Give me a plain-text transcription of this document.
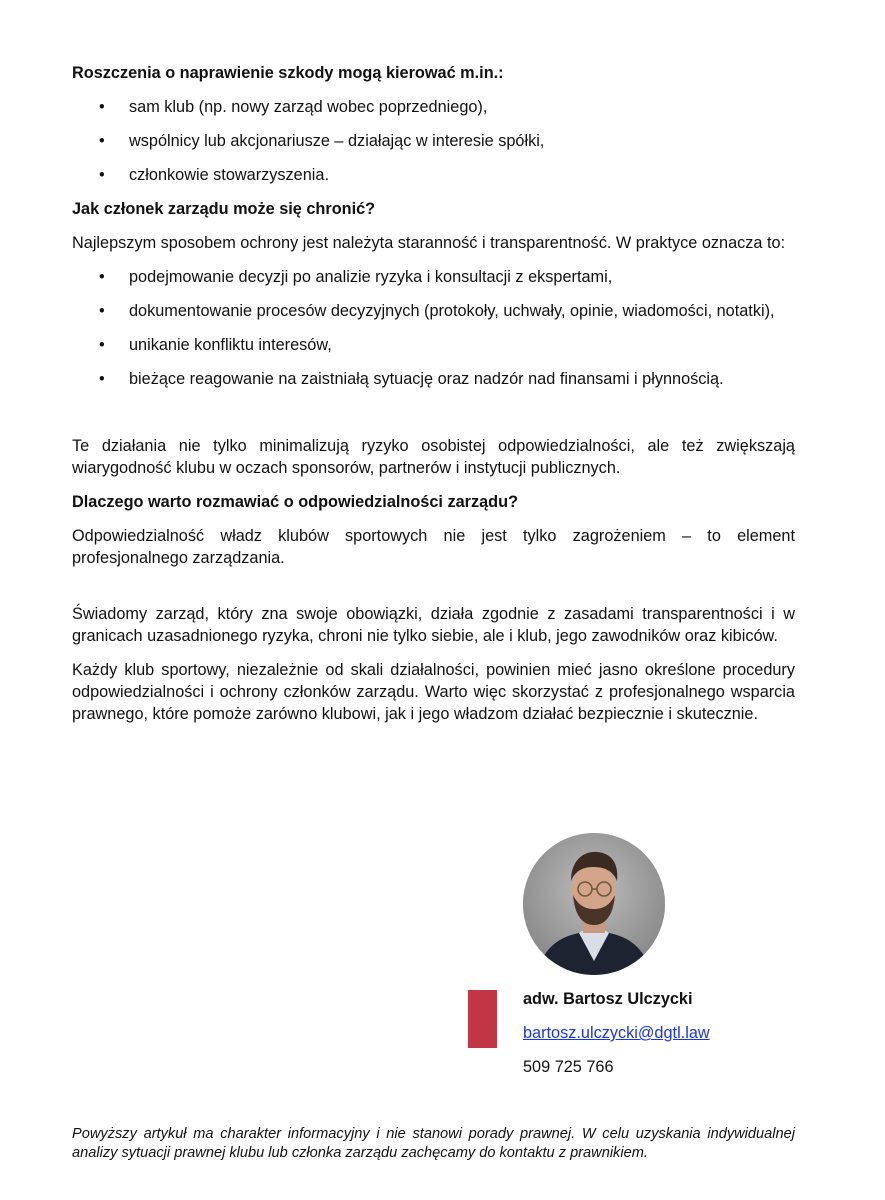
Roszczenia o naprawienie szkody mogą kierować m.in.:
• sam klub (np. nowy zarząd wobec poprzedniego),
• wspólnicy lub akcjonariusze – działając w interesie spółki,
• członkowie stowarzyszenia.
Jak członek zarządu może się chronić?

Najlepszym sposobem ochrony jest należyta staranność i transparentność. W praktyce oznacza to:

• podejmowanie decyzji po analizie ryzyka i konsultacji z ekspertami,
• dokumentowanie procesów decyzyjnych (protokoły, uchwały, opinie, wiadomości, notatki),
• unikanie konfliktu interesów,
• bieżące reagowanie na zaistniałą sytuację oraz nadzór nad finansami i płynnością.

Te działania nie tylko minimalizują ryzyko osobistej odpowiedzialności, ale też zwiększają wiarygodność klubu w oczach sponsorów, partnerów i instytucji publicznych.

Dlaczego warto rozmawiać o odpowiedzialności zarządu?

Odpowiedzialność władz klubów sportowych nie jest tylko zagrożeniem – to element profesjonalnego zarządzania.

Świadomy zarząd, który zna swoje obowiązki, działa zgodnie z zasadami transparentności i w granicach uzasadnionego ryzyka, chroni nie tylko siebie, ale i klub, jego zawodników oraz kibiców.

Każdy klub sportowy, niezależnie od skali działalności, powinien mieć jasno określone procedury odpowiedzialności i ochrony członków zarządu. Warto więc skorzystać z profesjonalnego wsparcia prawnego, które pomoże zarówno klubowi, jak i jego władzom działać bezpiecznie i skutecznie.

adw. Bartosz Ulczycki
bartosz.ulczycki@dgtl.law
509 725 766
Powyższy artykuł ma charakter informacyjny i nie stanowi porady prawnej. W celu uzyskania indywidualnej analizy sytuacji prawnej klubu lub członka zarządu zachęcamy do kontaktu z prawnikiem.
